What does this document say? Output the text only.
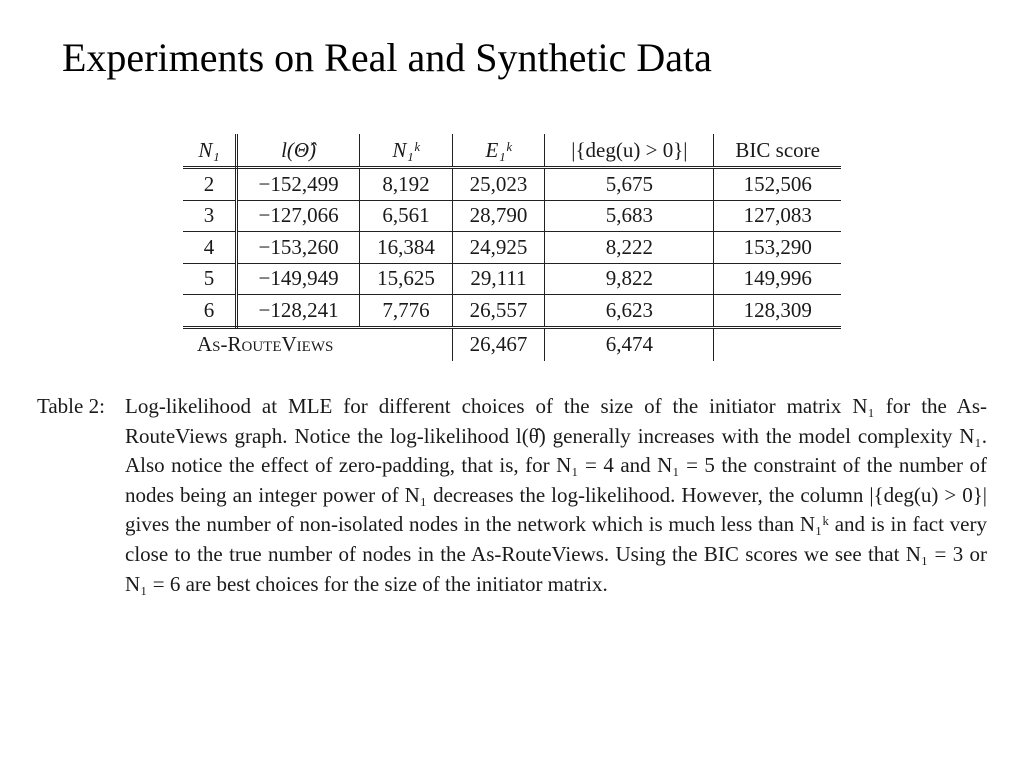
Experiments on Real and Synthetic Data
N₁	l(Θ̂)	N₁ᵏ	E₁ᵏ	|{deg(u) > 0}|	BIC score
2	−152,499	8,192	25,023	5,675	152,506
3	−127,066	6,561	28,790	5,683	127,083
4	−153,260	16,384	24,925	8,222	153,290
5	−149,949	15,625	29,111	9,822	149,996
6	−128,241	7,776	26,557	6,623	128,309
As-RouteViews			26,467	6,474	
Table 2: Log-likelihood at MLE for different choices of the size of the initiator matrix N₁ for the As-RouteViews graph. Notice the log-likelihood l(θ̂) generally increases with the model complexity N₁. Also notice the effect of zero-padding, that is, for N₁ = 4 and N₁ = 5 the constraint of the number of nodes being an integer power of N₁ decreases the log-likelihood. However, the column |{deg(u) > 0}| gives the number of non-isolated nodes in the network which is much less than N₁ᵏ and is in fact very close to the true number of nodes in the As-RouteViews. Using the BIC scores we see that N₁ = 3 or N₁ = 6 are best choices for the size of the initiator matrix.
